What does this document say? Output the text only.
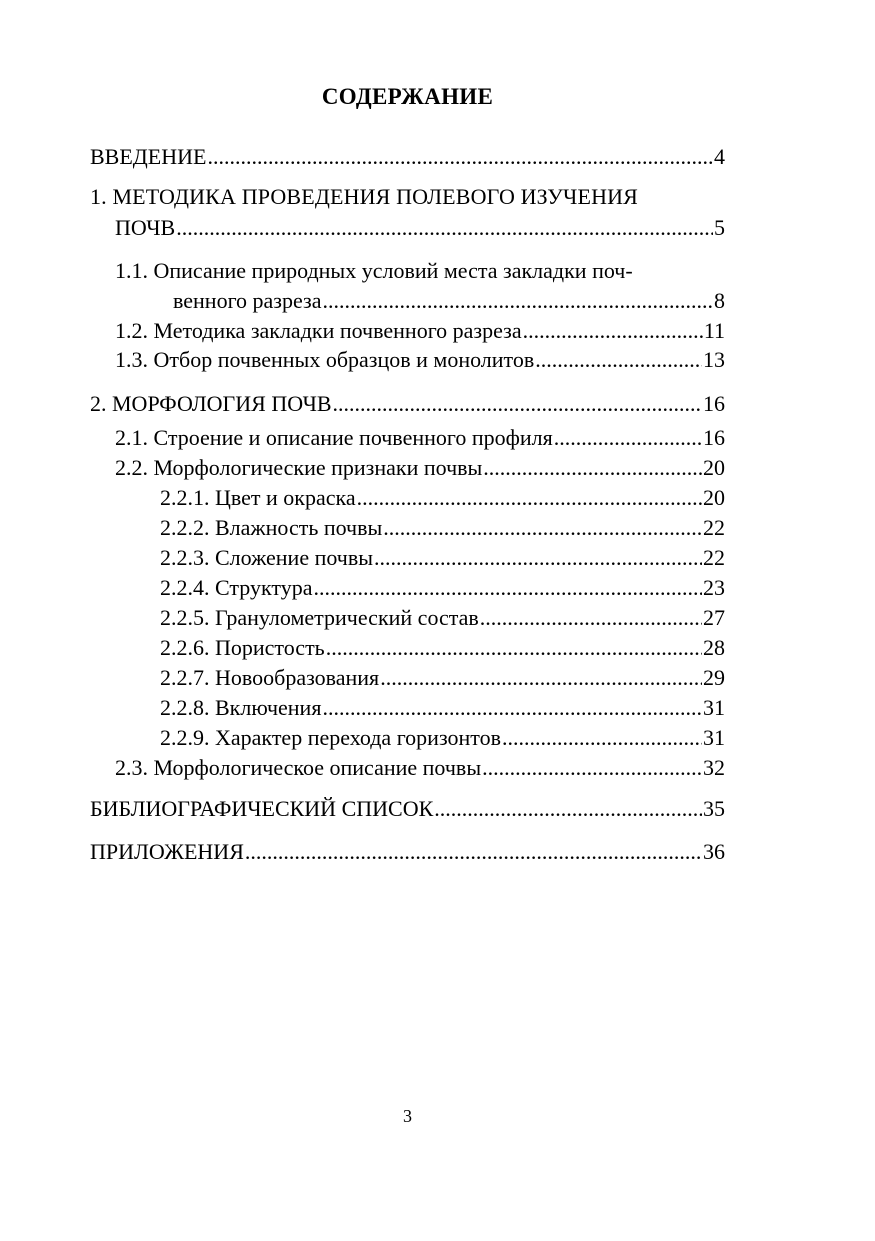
СОДЕРЖАНИЕ
ВВЕДЕНИЕ .....	4
1. МЕТОДИКА ПРОВЕДЕНИЯ ПОЛЕВОГО ИЗУЧЕНИЯ
ПОЧВ .....	5
1.1. Описание природных условий места закладки поч-
венного разреза .....	8
1.2. Методика закладки почвенного разреза .....	11
1.3. Отбор почвенных образцов и монолитов .....	13
2. МОРФОЛОГИЯ ПОЧВ .....	16
2.1. Строение и описание почвенного профиля .....	16
2.2. Морфологические признаки почвы .....	20
2.2.1. Цвет и окраска .....	20
2.2.2. Влажность почвы .....	22
2.2.3. Сложение почвы .....	22
2.2.4. Структура .....	23
2.2.5. Гранулометрический состав .....	27
2.2.6. Пористость .....	28
2.2.7. Новообразования .....	29
2.2.8. Включения .....	31
2.2.9. Характер перехода горизонтов .....	31
2.3. Морфологическое описание почвы .....	32
БИБЛИОГРАФИЧЕСКИЙ СПИСОК .....	35
ПРИЛОЖЕНИЯ .....	36
3
